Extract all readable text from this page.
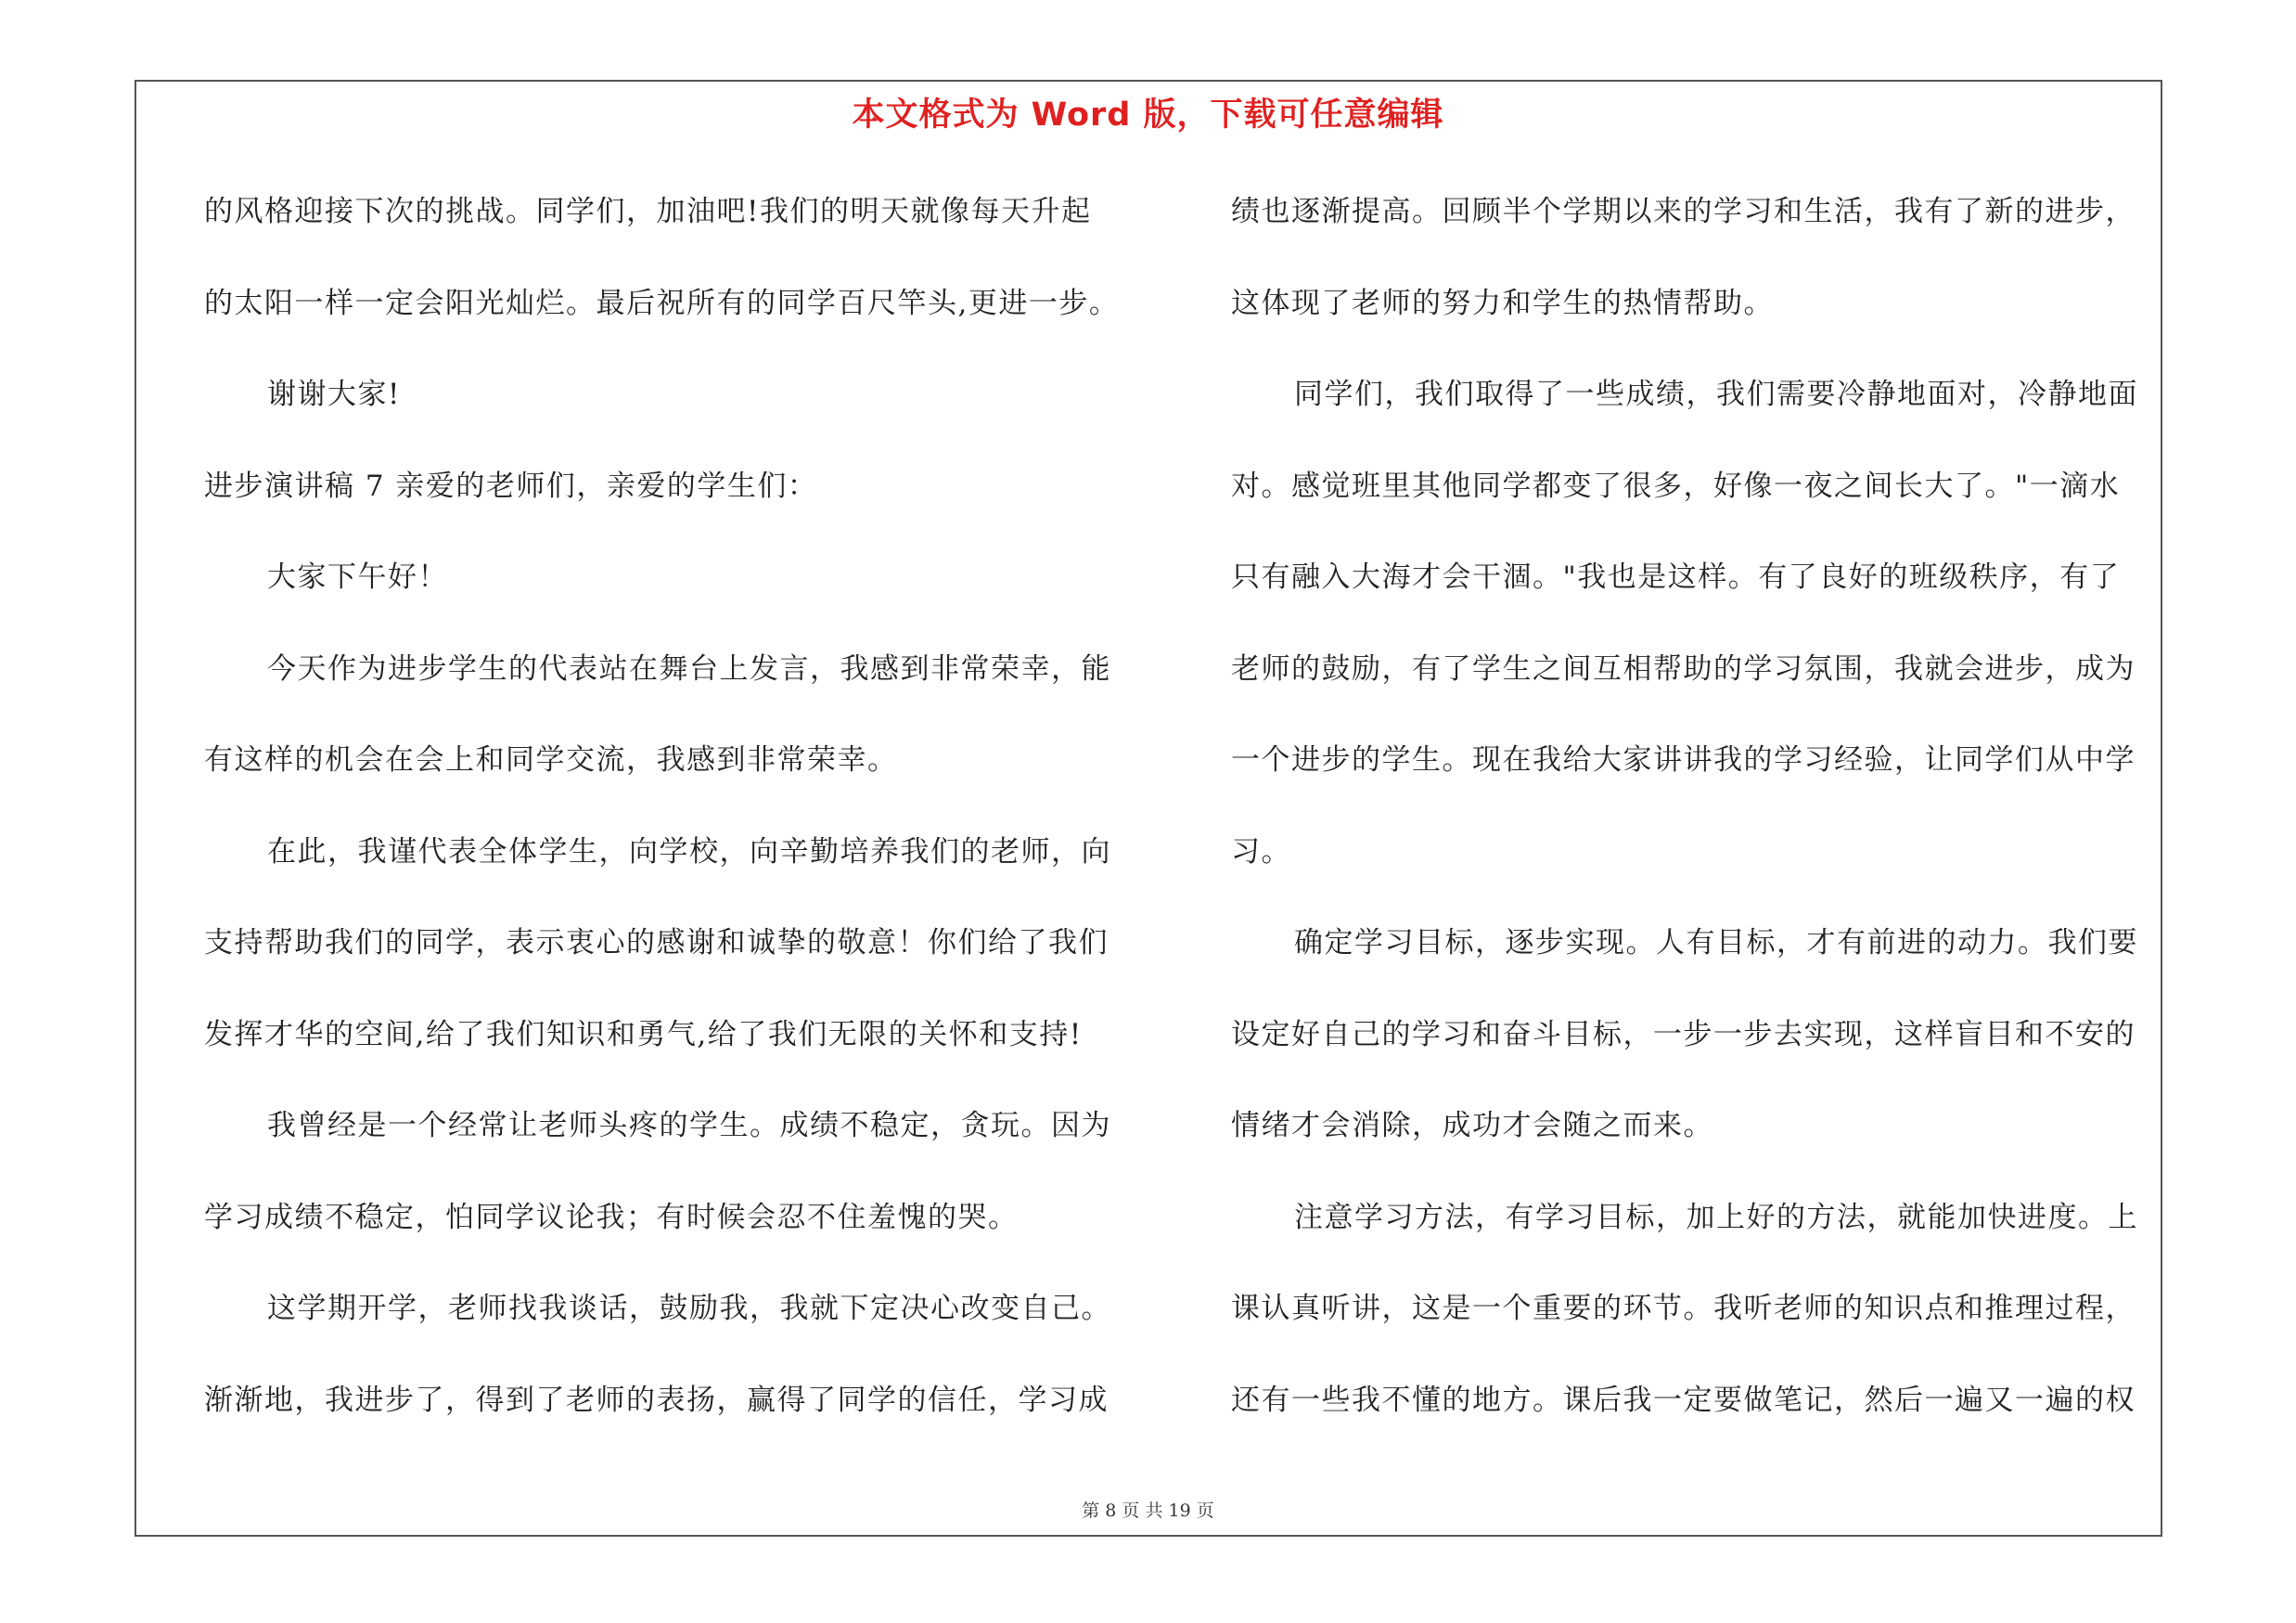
本文格式为 Word 版，下载可任意编辑
的风格迎接下次的挑战。同学们，加油吧!我们的明天就像每天升起
的太阳一样一定会阳光灿烂。最后祝所有的同学百尺竿头,更进一步。
谢谢大家!
进步演讲稿 7 亲爱的老师们，亲爱的学生们：
大家下午好！
今天作为进步学生的代表站在舞台上发言，我感到非常荣幸，能
有这样的机会在会上和同学交流，我感到非常荣幸。
在此，我谨代表全体学生，向学校，向辛勤培养我们的老师，向
支持帮助我们的同学，表示衷心的感谢和诚挚的敬意！你们给了我们
发挥才华的空间,给了我们知识和勇气,给了我们无限的关怀和支持!
我曾经是一个经常让老师头疼的学生。成绩不稳定，贪玩。因为
学习成绩不稳定，怕同学议论我；有时候会忍不住羞愧的哭。
这学期开学，老师找我谈话，鼓励我，我就下定决心改变自己。
渐渐地，我进步了，得到了老师的表扬，赢得了同学的信任，学习成
绩也逐渐提高。回顾半个学期以来的学习和生活，我有了新的进步，
这体现了老师的努力和学生的热情帮助。
同学们，我们取得了一些成绩，我们需要冷静地面对，冷静地面
对。感觉班里其他同学都变了很多，好像一夜之间长大了。"一滴水
只有融入大海才会干涸。"我也是这样。有了良好的班级秩序，有了
老师的鼓励，有了学生之间互相帮助的学习氛围，我就会进步，成为
一个进步的学生。现在我给大家讲讲我的学习经验，让同学们从中学
习。
确定学习目标，逐步实现。人有目标，才有前进的动力。我们要
设定好自己的学习和奋斗目标，一步一步去实现，这样盲目和不安的
情绪才会消除，成功才会随之而来。
注意学习方法，有学习目标，加上好的方法，就能加快进度。上
课认真听讲，这是一个重要的环节。我听老师的知识点和推理过程，
还有一些我不懂的地方。课后我一定要做笔记，然后一遍又一遍的权
第 8 页 共 19 页
